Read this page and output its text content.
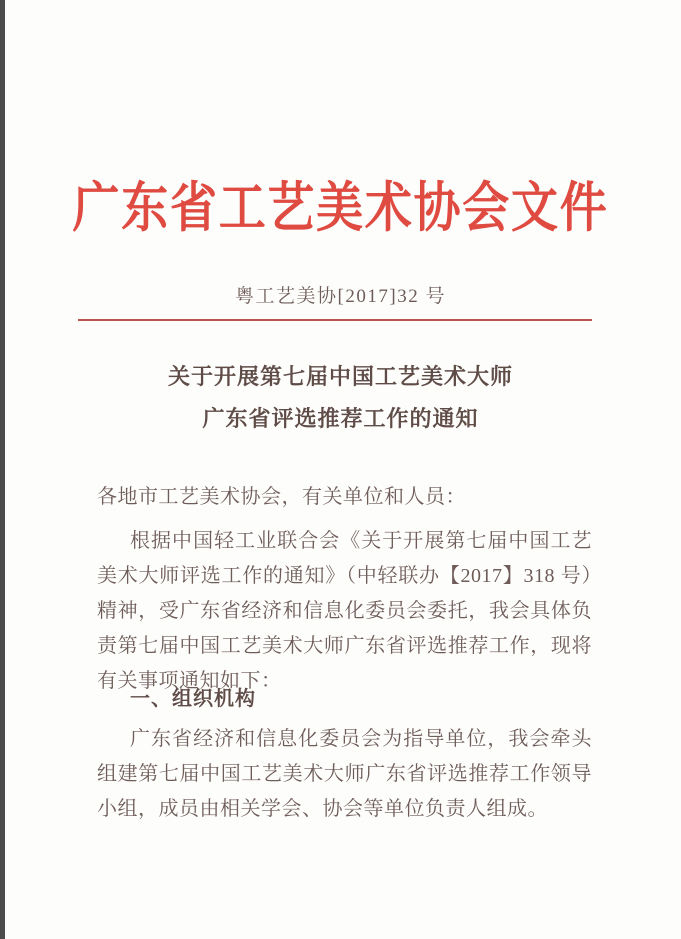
广东省工艺美术协会文件
粤工艺美协[2017]32 号
关于开展第七届中国工艺美术大师
广东省评选推荐工作的通知
各地市工艺美术协会，有关单位和人员：

根据中国轻工业联合会《关于开展第七届中国工艺美术大师评选工作的通知》（中轻联办【2017】318 号）精神，受广东省经济和信息化委员会委托，我会具体负责第七届中国工艺美术大师广东省评选推荐工作，现将有关事项通知如下：

一、组织机构

广东省经济和信息化委员会为指导单位，我会牵头组建第七届中国工艺美术大师广东省评选推荐工作领导小组，成员由相关学会、协会等单位负责人组成。
